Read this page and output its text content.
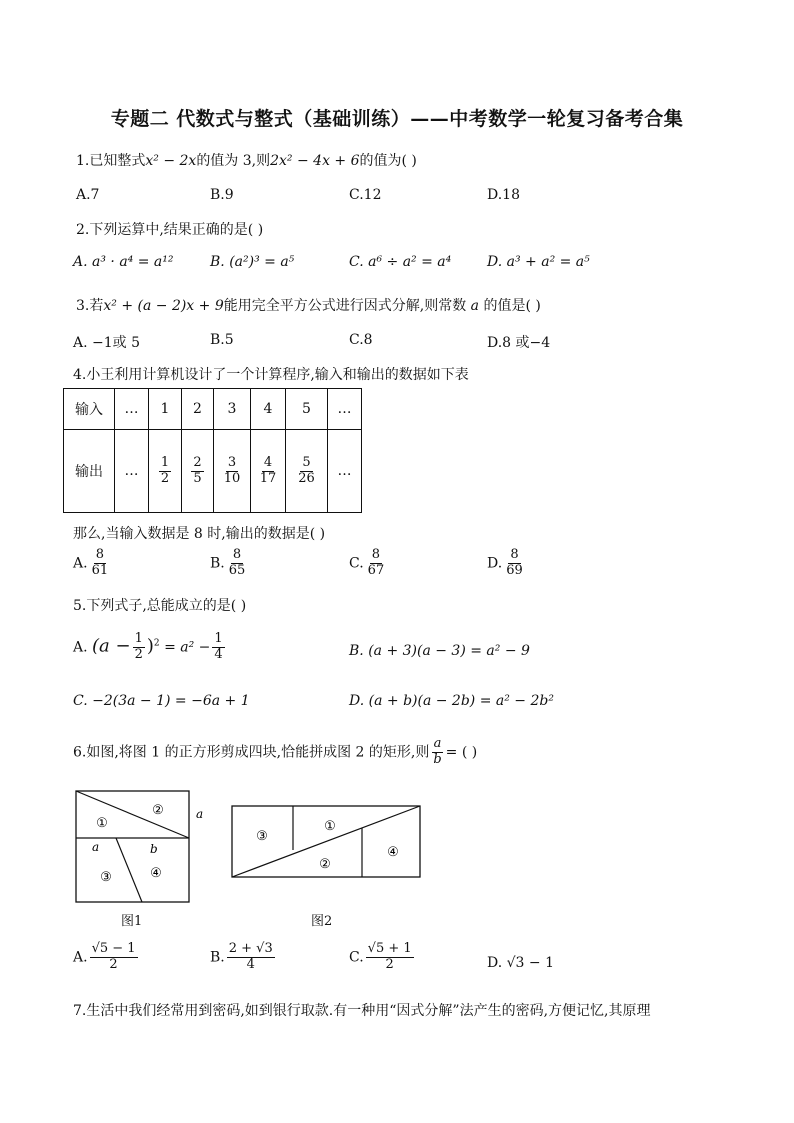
专题二 代数式与整式（基础训练）——中考数学一轮复习备考合集
1.已知整式x² − 2x的值为 3,则2x² − 4x + 6的值为( )
A.7	B.9	C.12	D.18
2.下列运算中,结果正确的是( )
A. a³ · a⁴ = a¹²	B. (a²)³ = a⁵	C. a⁶ ÷ a² = a⁴	D. a³ + a² = a⁵
3.若x² + (a − 2)x + 9能用完全平方公式进行因式分解,则常数 a 的值是( )
A. −1或 5	B.5	C.8	D.8 或−4
4.小王利用计算机设计了一个计算程序,输入和输出的数据如下表
输入	…	1	2	3	4	5	…
输出	…	$\frac{1}{2}$	$\frac{2}{5}$	$\frac{3}{10}$	$\frac{4}{17}$	$\frac{5}{26}$	…
那么,当输入数据是 8 时,输出的数据是( )
A. $\frac{8}{61}$	B. $\frac{8}{65}$	C. $\frac{8}{67}$	D. $\frac{8}{69}$
5.下列式子,总能成立的是( )
A. $(a - \frac{1}{2} )^2 = a^2 - \frac{1}{4}$	B. (a + 3)(a − 3) = a² − 9
C. −2(3a − 1) = −6a + 1	D. (a + b)(a − 2b) = a² − 2b²
6.如图,将图 1 的正方形剪成四块,恰能拼成图 2 的矩形,则 $\frac{a}{b}$ = ( )
②
①
③	④
a
a	b
图1
③
①
②
④
图2
A. $\frac{√5 - 1}{2}$	B. $\frac{2 + √3}{4}$	C. $\frac{√5 + 1}{2}$	D. √3 − 1
7.生活中我们经常用到密码,如到银行取款.有一种用“因式分解”法产生的密码,方便记忆,其原理
